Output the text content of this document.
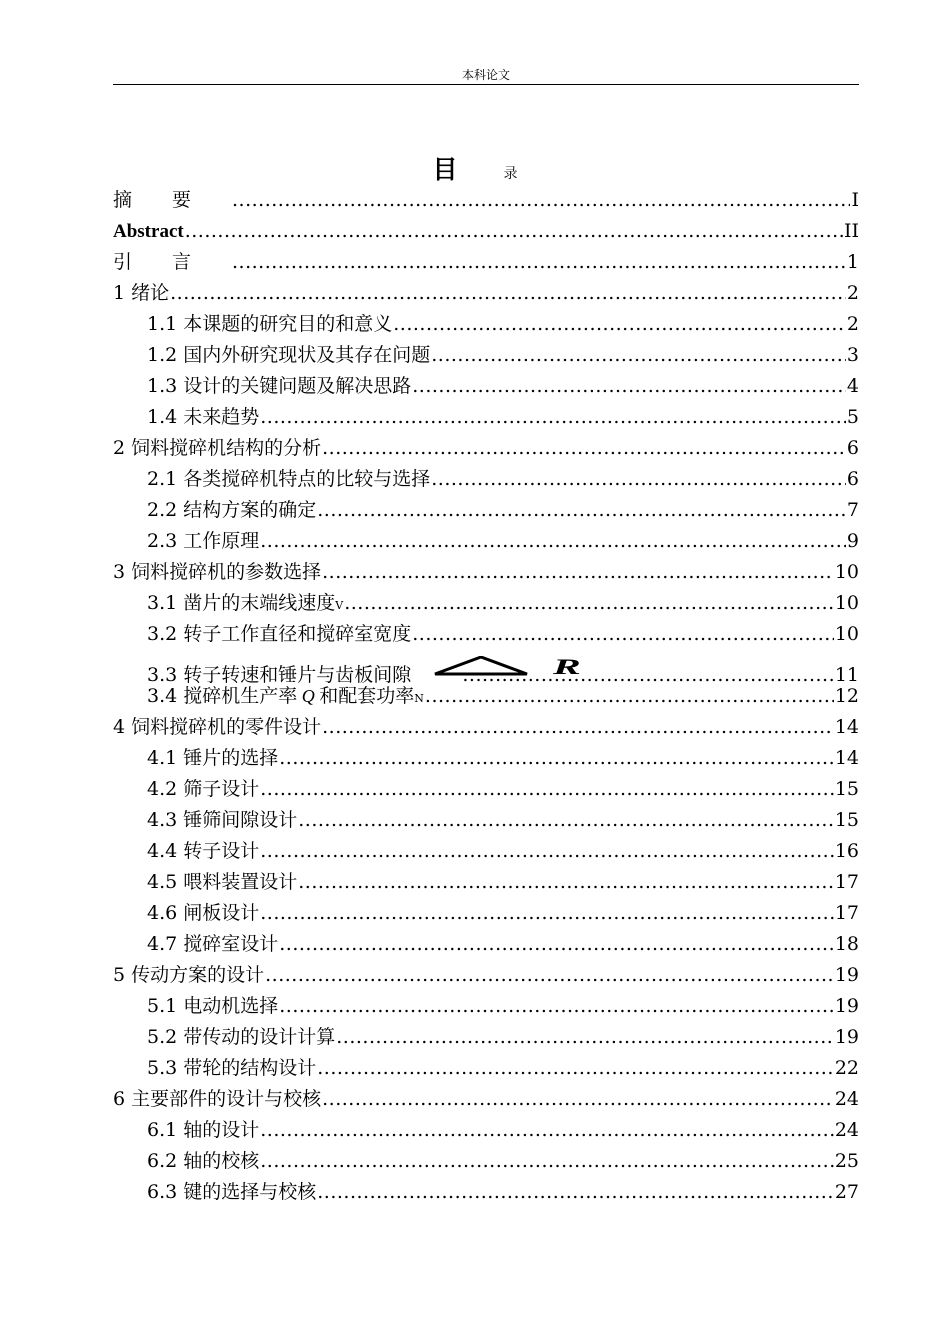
本科论文
目	录
摘要 .....	I
Abstract .....	II
引言 .....	1
1 绪论 .....	2
1.1 本课题的研究目的和意义 .....	2
1.2 国内外研究现状及其存在问题 .....	3
1.3 设计的关键问题及解决思路 .....	4
1.4 未来趋势 .....	5
2 饲料搅碎机结构的分析 .....	6
2.1 各类搅碎机特点的比较与选择 .....	6
2.2 结构方案的确定 .....	7
2.3 工作原理 .....	9
3 饲料搅碎机的参数选择 .....	10
3.1 凿片的末端线速度V .....	10
3.2 转子工作直径和搅碎室宽度 .....	10
3.3 转子转速和锤片与齿板间隙	R .....	11
3.4 搅碎机生产率 Q 和配套功率N .....	12
4 饲料搅碎机的零件设计 .....	14
4.1 锤片的选择 .....	14
4.2 筛子设计 .....	15
4.3 锤筛间隙设计 .....	15
4.4 转子设计 .....	16
4.5 喂料装置设计 .....	17
4.6 闸板设计 .....	17
4.7 搅碎室设计 .....	18
5 传动方案的设计 .....	19
5.1 电动机选择 .....	19
5.2 带传动的设计计算 .....	19
5.3 带轮的结构设计 .....	22
6 主要部件的设计与校核 .....	24
6.1 轴的设计 .....	24
6.2 轴的校核 .....	25
6.3 键的选择与校核 .....	27
